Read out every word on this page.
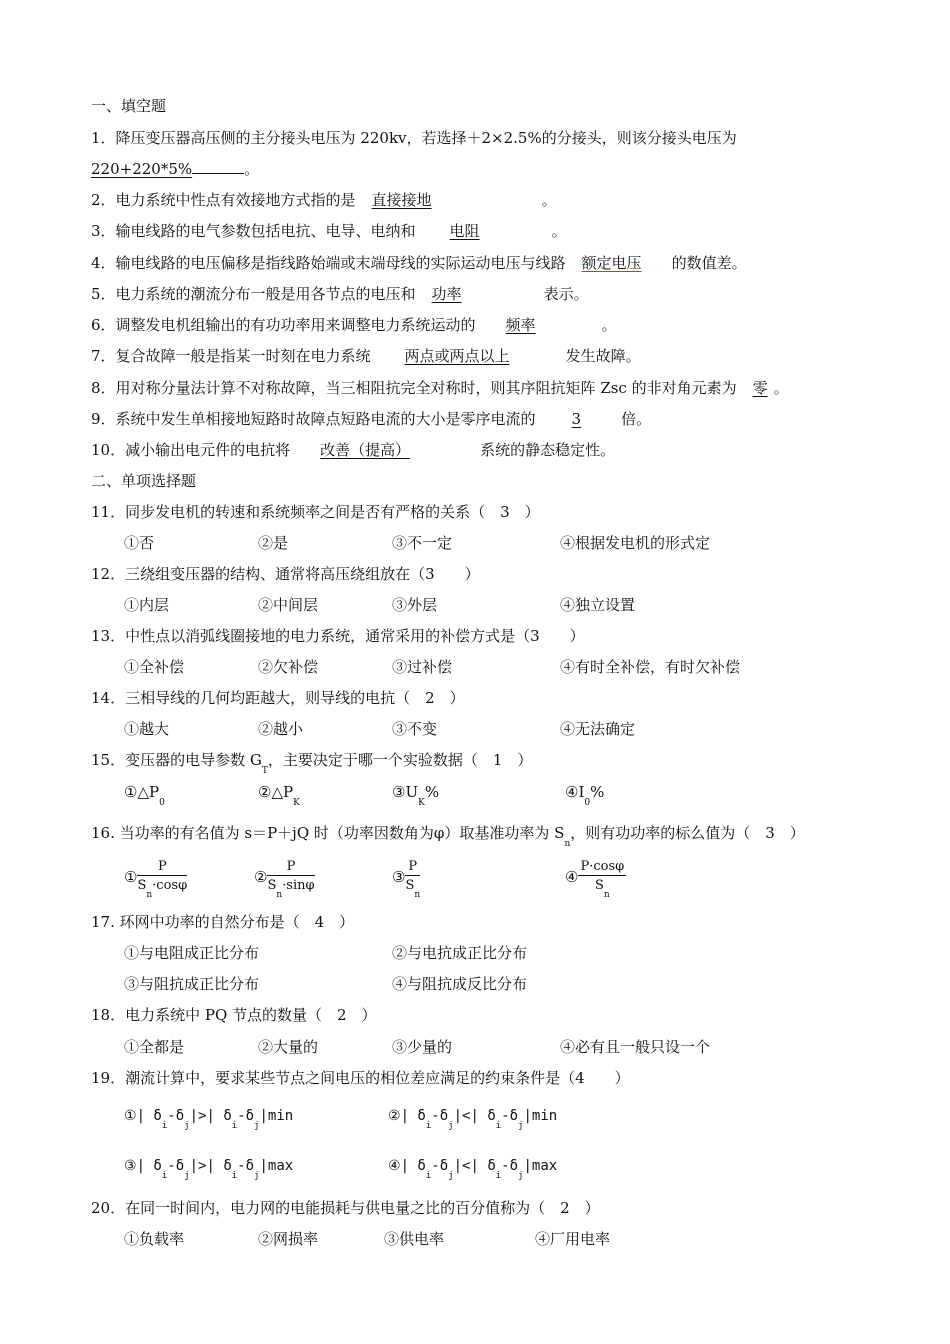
一、填空题
1．降压变压器高压侧的主分接头电压为 220kv，若选择＋2×2.5%的分接头，则该分接头电压为
220+220*5%	。
2．电力系统中性点有效接地方式指的是 直接接地	。
3．输电线路的电气参数包括电抗、电导、电纳和 电阻	。
4．输电线路的电压偏移是指线路始端或末端母线的实际运动电压与线路 额定电压 的数值差。
5．电力系统的潮流分布一般是用各节点的电压和 功率	表示。
6．调整发电机组输出的有功功率用来调整电力系统运动的 频率	。
7．复合故障一般是指某一时刻在电力系统 两点或两点以上	发生故障。
8．用对称分量法计算不对称故障，当三相阻抗完全对称时，则其序阻抗矩阵 Zsc 的非对角元素为 零 。
9．系统中发生单相接地短路时故障点短路电流的大小是零序电流的 3	倍。
10．减小输出电元件的电抗将 改善（提高）	系统的静态稳定性。
二、单项选择题
11．同步发电机的转速和系统频率之间是否有严格的关系（　3　）
①否	②是	③不一定	④根据发电机的形式定
12．三绕组变压器的结构、通常将高压绕组放在（3　　）
①内层	②中间层	③外层	④独立设置
13．中性点以消弧线圈接地的电力系统，通常采用的补偿方式是（3　　）
①全补偿	②欠补偿	③过补偿	④有时全补偿，有时欠补偿
14．三相导线的几何均距越大，则导线的电抗（　2　）
①越大	②越小	③不变	④无法确定
15．变压器的电导参数 $G_T$，主要决定于哪一个实验数据（　1　）
$①\triangle P_0$
$②\triangle P_K$
$③U_K\%$	$④I_0\%$
16. 当功率的有名值为 s＝P＋jQ 时（功率因数角为φ）取基准功率为 $S_n$，则有功功率的标么值为（　3　）
① $\frac{P}{S_n\cdot\cos\varphi}$	② $\frac{P}{S_n\cdot\sin\varphi}$	③ $\frac{P}{S_n}$	④ $\frac{P\cdot\cos\varphi}{S_n}$
17. 环网中功率的自然分布是（　4　）
①与电阻成正比分布	②与电抗成正比分布
③与阻抗成正比分布	④与阻抗成反比分布
18．电力系统中 PQ 节点的数量（　2　）
①全都是	②大量的	③少量的	④必有且一般只设一个
19．潮流计算中，要求某些节点之间电压的相位差应满足的约束条件是（4　　）
①| $\delta_i-\delta_j|>|$ $\delta_i-\delta_j|\min$	②| $\delta_i-\delta_j|<|$ $\delta_i-\delta_j|\min$
③| $\delta_i-\delta_j|>|$ $\delta_i-\delta_j|\max$	④| $\delta_i-\delta_j|<|$ $\delta_i-\delta_j|\max$
20．在同一时间内，电力网的电能损耗与供电量之比的百分值称为（　2　）
①负载率	②网损率	③供电率	④厂用电率
